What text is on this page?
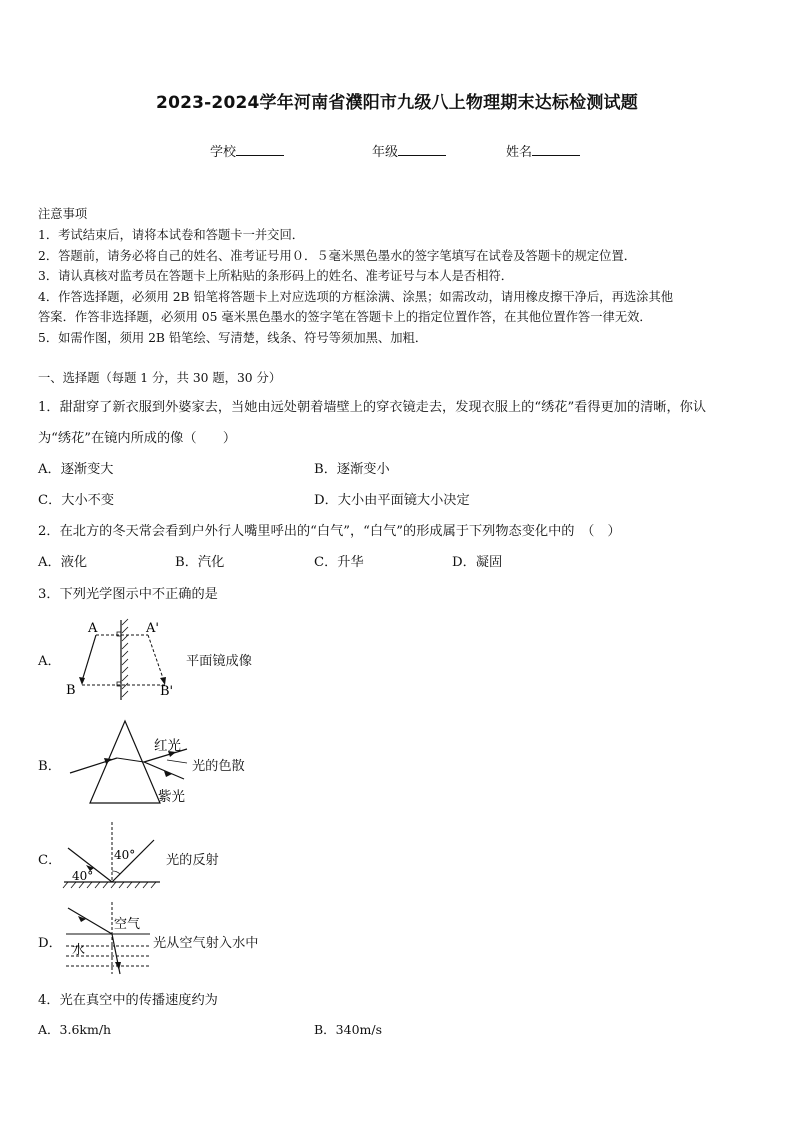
2023-2024学年河南省濮阳市九级八上物理期末达标检测试题
学校	年级	姓名
注意事项
1．考试结束后，请将本试卷和答题卡一并交回．
2．答题前，请务必将自己的姓名、准考证号用０．５毫米黑色墨水的签字笔填写在试卷及答题卡的规定位置．
3．请认真核对监考员在答题卡上所粘贴的条形码上的姓名、准考证号与本人是否相符．
4．作答选择题，必须用 2B 铅笔将答题卡上对应选项的方框涂满、涂黑；如需改动，请用橡皮擦干净后，再选涂其他
答案．作答非选择题，必须用 05 毫米黑色墨水的签字笔在答题卡上的指定位置作答，在其他位置作答一律无效．
5．如需作图，须用 2B 铅笔绘、写清楚，线条、符号等须加黑、加粗．
一、选择题（每题 1 分，共 30 题，30 分）
1．甜甜穿了新衣服到外婆家去，当她由远处朝着墙壁上的穿衣镜走去，发现衣服上的“绣花”看得更加的清晰，你认
为“绣花”在镜内所成的像（　　）
A．逐渐变大	B．逐渐变小
C．大小不变	D．大小由平面镜大小决定
2．在北方的冬天常会看到户外行人嘴里呼出的“白气”，“白气”的形成属于下列物态变化中的　（　）
A．液化	B．汽化	C．升华	D．凝固
3．下列光学图示中不正确的是
A．
A	A'
B	B'
平面镜成像
B．
红光
紫光
光的色散
C．	40°
40°
光的反射
D．
空气
水	光从空气射入水中
4．光在真空中的传播速度约为
A．3.6km/h	B．340m/s
